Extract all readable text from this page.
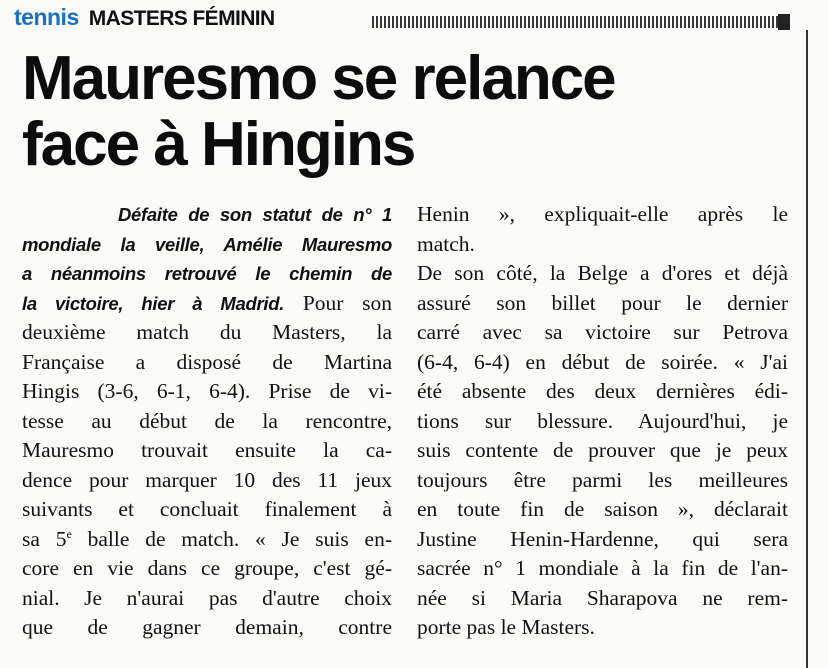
tennis MASTERS FÉMININ
Mauresmo se relance
face à Hingins
Défaite de son statut de n° 1
mondiale la veille, Amélie Mauresmo
a néanmoins retrouvé le chemin de
la victoire, hier à Madrid. Pour son
deuxième match du Masters, la
Française a disposé de Martina
Hingis (3-6, 6-1, 6-4). Prise de vi-
tesse au début de la rencontre,
Mauresmo trouvait ensuite la ca-
dence pour marquer 10 des 11 jeux
suivants et concluait finalement à
sa 5e balle de match. « Je suis en-
core en vie dans ce groupe, c'est gé-
nial. Je n'aurai pas d'autre choix
que de gagner demain, contre
Henin », expliquait-elle après le
match.
De son côté, la Belge a d'ores et déjà
assuré son billet pour le dernier
carré avec sa victoire sur Petrova
(6-4, 6-4) en début de soirée. « J'ai
été absente des deux dernières édi-
tions sur blessure. Aujourd'hui, je
suis contente de prouver que je peux
toujours être parmi les meilleures
en toute fin de saison », déclarait
Justine Henin-Hardenne, qui sera
sacrée n° 1 mondiale à la fin de l'an-
née si Maria Sharapova ne rem-
porte pas le Masters.
